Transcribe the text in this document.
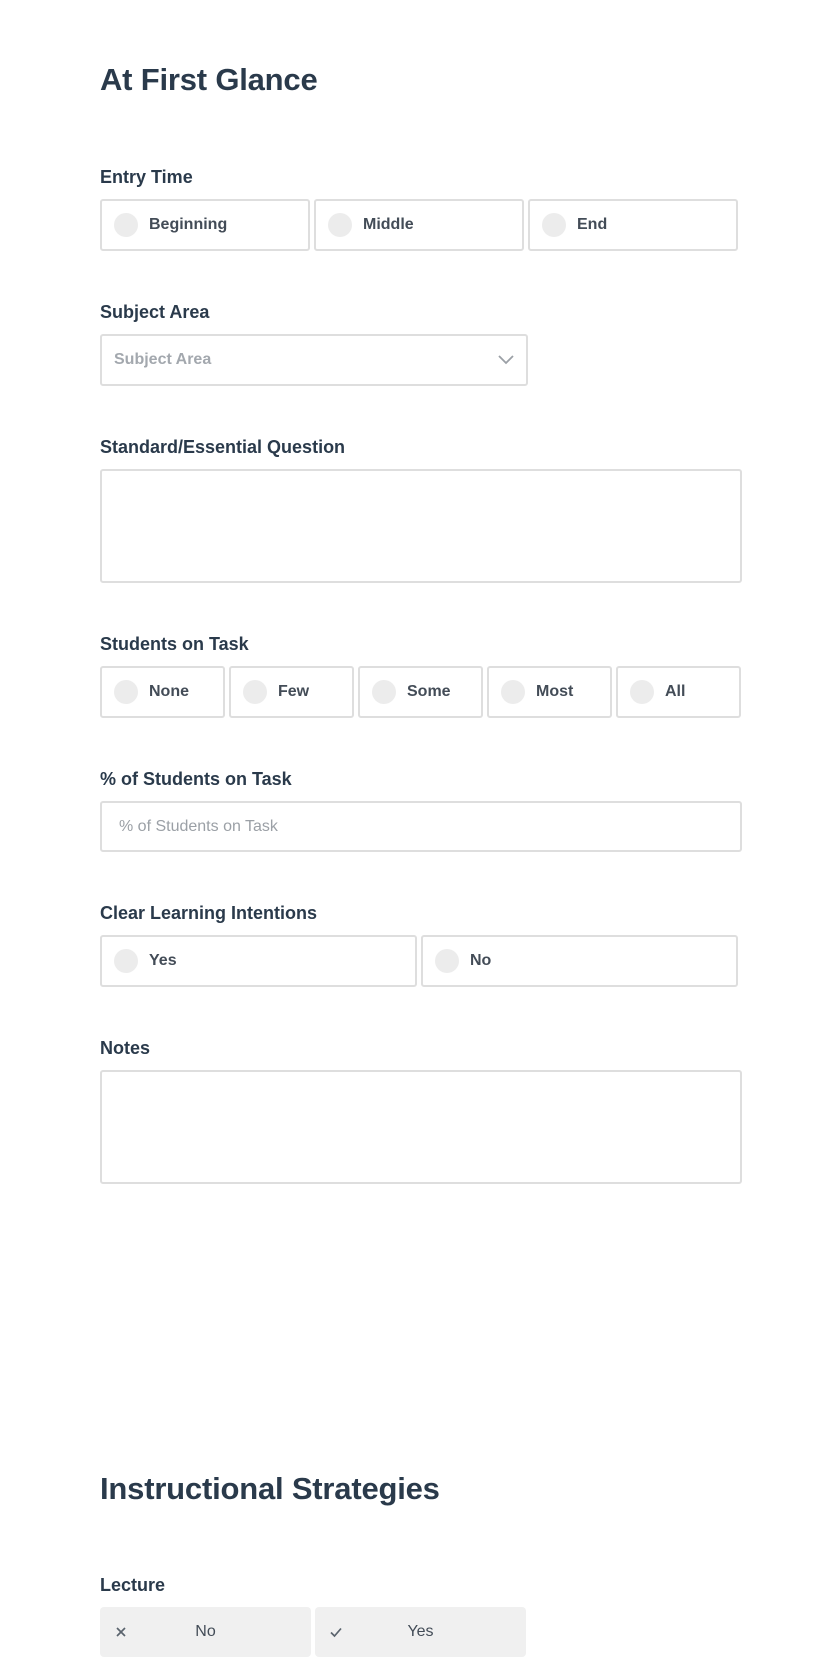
At First Glance

Entry Time

Beginning	Middle	End

Subject Area

Subject Area

Standard/Essential Question

Students on Task

None	Few	Some	Most	All

% of Students on Task

% of Students on Task

Clear Learning Intentions

Yes	No

Notes

Instructional Strategies

Lecture

No	Yes
